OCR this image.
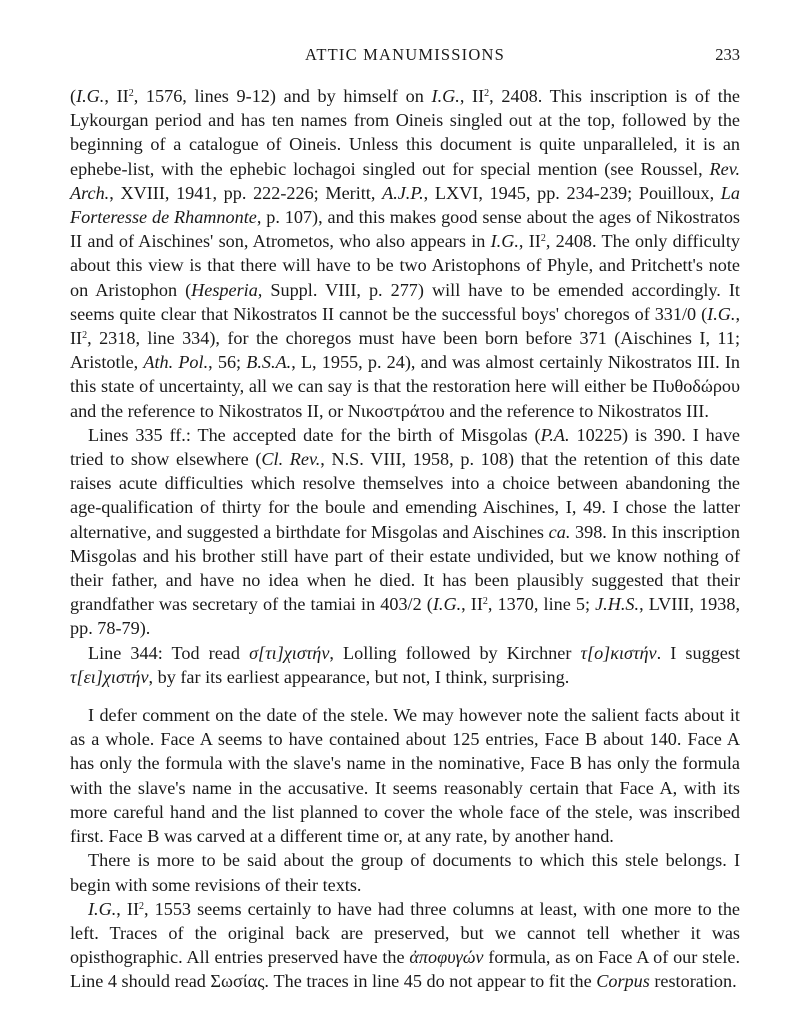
ATTIC MANUMISSIONS	233

(I.G., $II^2$, 1576, lines 9-12) and by himself on I.G., $II^2$, 2408. This inscription is of the Lykourgan period and has ten names from Oineis singled out at the top, followed by the beginning of a catalogue of Oineis. Unless this document is quite unparalleled, it is an ephebe-list, with the ephebic lochagoi singled out for special mention (see Roussel, Rev. Arch., XVIII, 1941, pp. 222-226; Meritt, A.J.P., LXVI, 1945, pp. 234-239; Pouilloux, La Forteresse de Rhamnonte, p. 107), and this makes good sense about the ages of Nikostratos II and of Aischines' son, Atrometos, who also appears in I.G., $II^2$, 2408. The only difficulty about this view is that there will have to be two Aristophons of Phyle, and Pritchett's note on Aristophon (Hesperia, Suppl. VIII, p. 277) will have to be emended accordingly. It seems quite clear that Nikostratos II cannot be the successful boys' choregos of 331/0 (I.G., $II^2$, 2318, line 334), for the choregos must have been born before 371 (Aischines I, 11; Aristotle, Ath. Pol., 56; B.S.A., L, 1955, p. 24), and was almost certainly Nikostratos III. In this state of uncertainty, all we can say is that the restoration here will either be Πυθοδώρου and the reference to Nikostratos II, or Νικοστράτου and the reference to Nikostratos III.

Lines 335 ff.: The accepted date for the birth of Misgolas (P.A. 10225) is 390. I have tried to show elsewhere (Cl. Rev., N.S. VIII, 1958, p. 108) that the retention of this date raises acute difficulties which resolve themselves into a choice between abandoning the age-qualification of thirty for the boule and emending Aischines, I, 49. I chose the latter alternative, and suggested a birthdate for Misgolas and Aischines ca. 398. In this inscription Misgolas and his brother still have part of their estate undivided, but we know nothing of their father, and have no idea when he died. It has been plausibly suggested that their grandfather was secretary of the tamiai in 403/2 (I.G., $II^2$, 1370, line 5; J.H.S., LVIII, 1938, pp. 78-79).

Line 344: Tod read σ[τι]χιστήν, Lolling followed by Kirchner τ[ο]κιστήν. I suggest τ[ει]χιστήν, by far its earliest appearance, but not, I think, surprising.

I defer comment on the date of the stele. We may however note the salient facts about it as a whole. Face A seems to have contained about 125 entries, Face B about 140. Face A has only the formula with the slave's name in the nominative, Face B has only the formula with the slave's name in the accusative. It seems reasonably certain that Face A, with its more careful hand and the list planned to cover the whole face of the stele, was inscribed first. Face B was carved at a different time or, at any rate, by another hand.

There is more to be said about the group of documents to which this stele belongs. I begin with some revisions of their texts.

I.G., $II^2$, 1553 seems certainly to have had three columns at least, with one more to the left. Traces of the original back are preserved, but we cannot tell whether it was opisthographic. All entries preserved have the ἀποφυγών formula, as on Face A of our stele. Line 4 should read Σωσίας. The traces in line 45 do not appear to fit the Corpus restoration.
